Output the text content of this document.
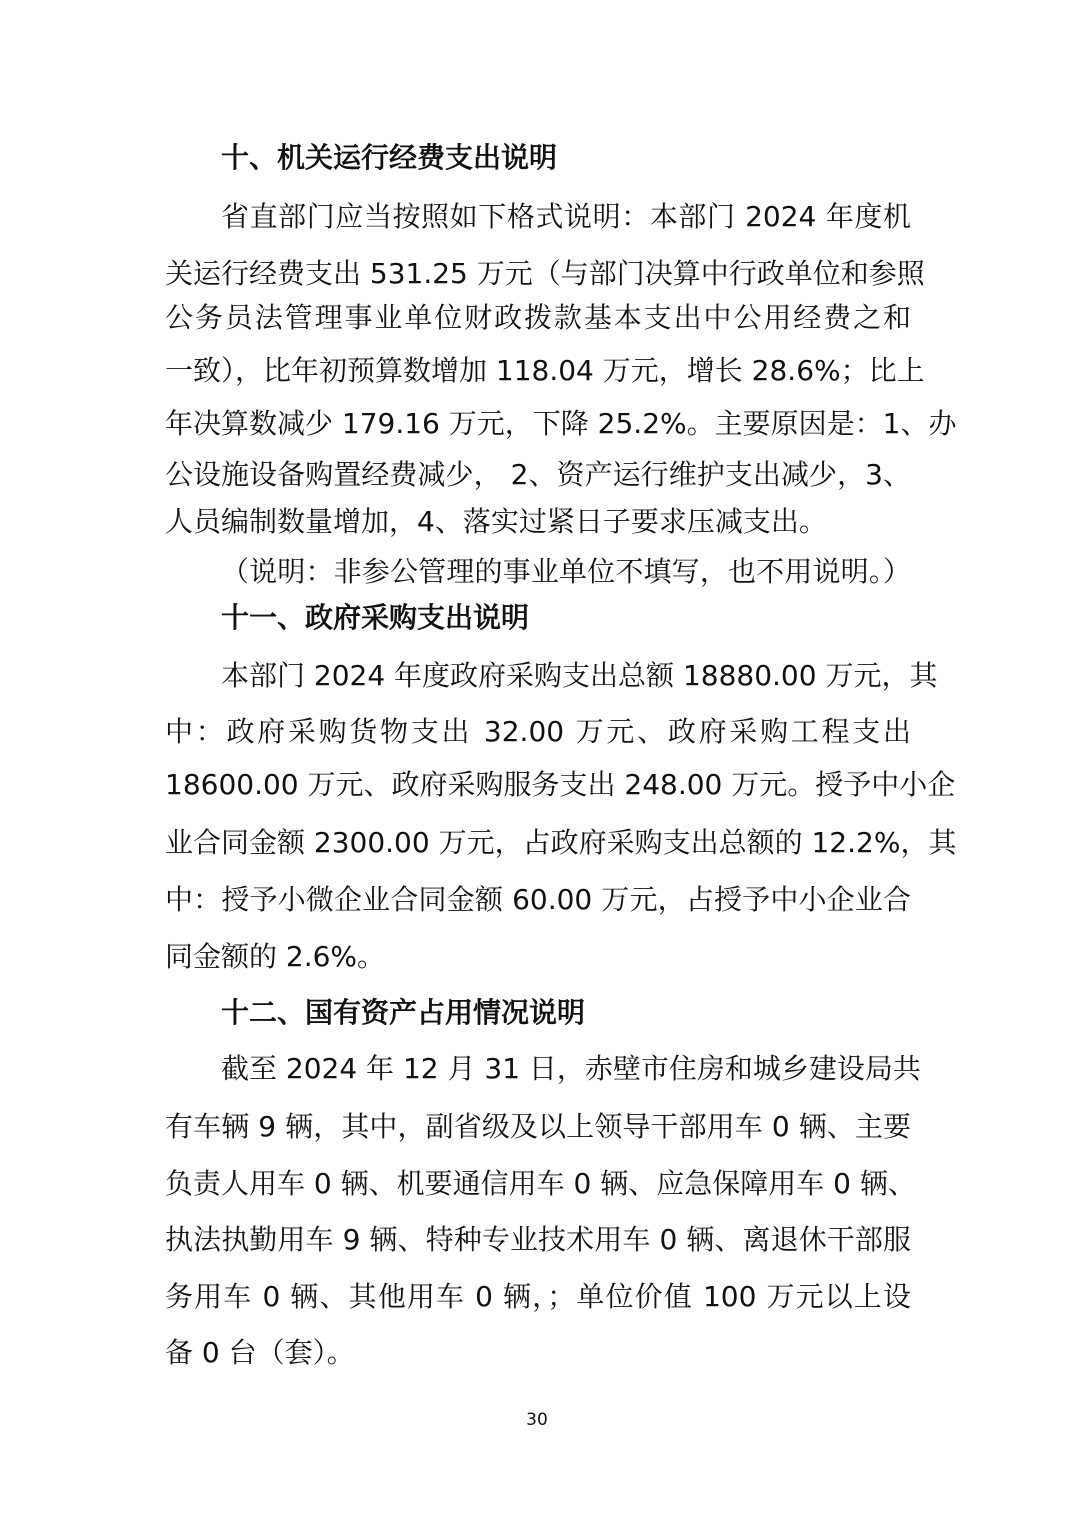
十、机关运行经费支出说明

省直部门应当按照如下格式说明：本部门 2024 年度机

关运行经费支出 531.25 万元（与部门决算中行政单位和参照

公务员法管理事业单位财政拨款基本支出中公用经费之和

一致），比年初预算数增加 118.04 万元，增长 28.6%；比上

年决算数减少 179.16 万元，下降 25.2%。主要原因是：1、办

公设施设备购置经费减少， 2、资产运行维护支出减少，3、

人员编制数量增加，4、落实过紧日子要求压减支出。

（说明：非参公管理的事业单位不填写，也不用说明。）

十一、政府采购支出说明

本部门 2024 年度政府采购支出总额 18880.00 万元，其

中：政府采购货物支出 32.00 万元、政府采购工程支出

18600.00 万元、政府采购服务支出 248.00 万元。授予中小企

业合同金额 2300.00 万元，占政府采购支出总额的 12.2%，其

中：授予小微企业合同金额 60.00 万元，占授予中小企业合

同金额的 2.6%。

十二、国有资产占用情况说明

截至 2024 年 12 月 31 日，赤壁市住房和城乡建设局共

有车辆 9 辆，其中，副省级及以上领导干部用车 0 辆、主要

负责人用车 0 辆、机要通信用车 0 辆、应急保障用车 0 辆、

执法执勤用车 9 辆、特种专业技术用车 0 辆、离退休干部服

务用车 0 辆、其他用车 0 辆，；单位价值 100 万元以上设

备 0 台（套）。

30
